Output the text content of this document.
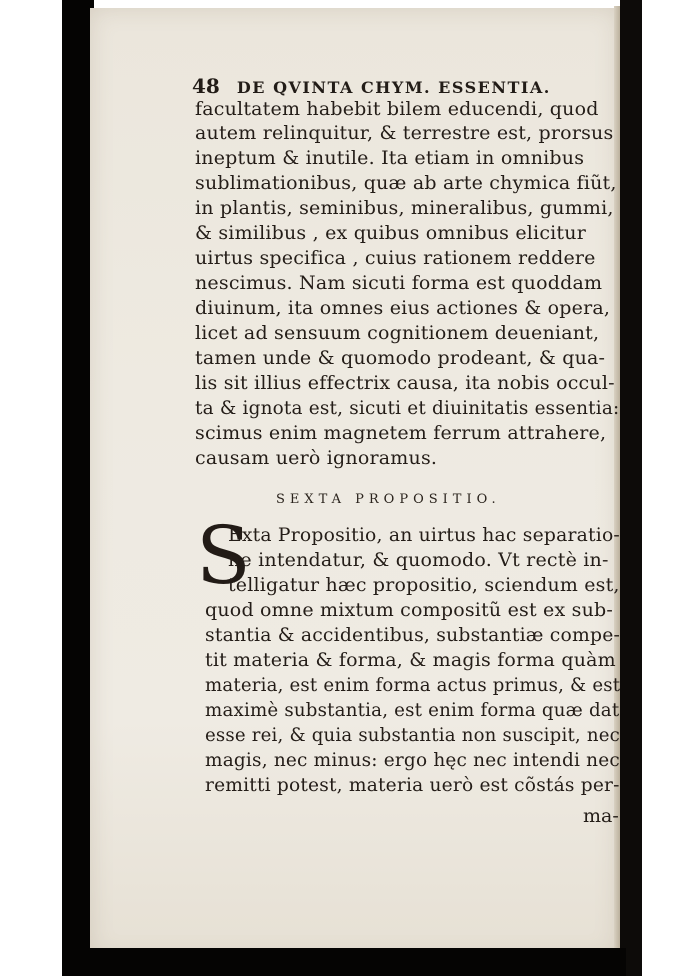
48 DE QVINTA CHYM. ESSENTIA.
facultatem habebit bilem educendi, quod
autem relinquitur, & terrestre est, prorsus
ineptum & inutile. Ita etiam in omnibus
sublimationibus, quæ ab arte chymica fiũt,
in plantis, seminibus, mineralibus, gummi,
& similibus , ex quibus omnibus elicitur
uirtus specifica , cuius rationem reddere
nescimus. Nam sicuti forma est quoddam
diuinum, ita omnes eius actiones & opera,
licet ad sensuum cognitionem deueniant,
tamen unde & quomodo prodeant, & qua-
lis sit illius effectrix causa, ita nobis occul-
ta & ignota est, sicuti et diuinitatis essentia:
scimus enim magnetem ferrum attrahere,
causam uerò ignoramus.
SEXTA PROPOSITIO.
S
Exta Propositio, an uirtus hac separatio-
ne intendatur, & quomodo. Vt rectè in-
telligatur hæc propositio, sciendum est,
quod omne mixtum compositũ est ex sub-
stantia & accidentibus, substantiæ compe-
tit materia & forma, & magis forma quàm
materia, est enim forma actus primus, & est
maximè substantia, est enim forma quæ dat
esse rei, & quia substantia non suscipit, nec
magis, nec minus: ergo hęc nec intendi nec
remitti potest, materia uerò est cõstás per-
ma-
